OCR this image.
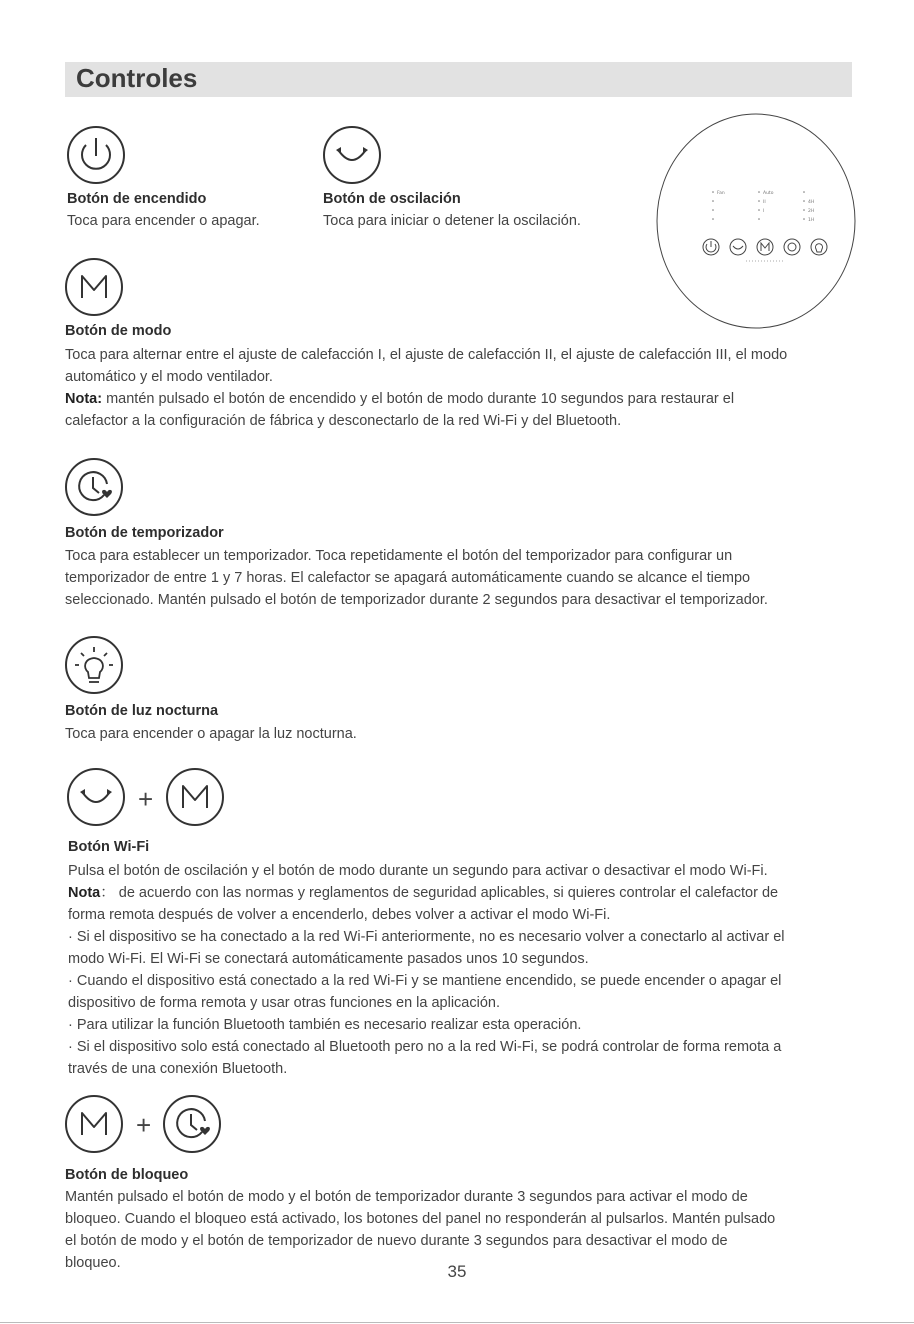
Controles
Botón de encendido
Toca para encender o apagar.
Botón de oscilación
Toca para iniciar o detener la oscilación.
Fan	Auto
II
I
4H
2H
1H
Botón de modo

Toca para alternar entre el ajuste de calefacción I, el ajuste de calefacción II, el ajuste de calefacción III, el modo

automático y el modo ventilador.

Nota: mantén pulsado el botón de encendido y el botón de modo durante 10 segundos para restaurar el

calefactor a la configuración de fábrica y desconectarlo de la red Wi-Fi y del Bluetooth.

Botón de temporizador

Toca para establecer un temporizador. Toca repetidamente el botón del temporizador para configurar un

temporizador de entre 1 y 7 horas. El calefactor se apagará automáticamente cuando se alcance el tiempo

seleccionado. Mantén pulsado el botón de temporizador durante 2 segundos para desactivar el temporizador.

Botón de luz nocturna
Toca para encender o apagar la luz nocturna.
+
Botón Wi-Fi

Pulsa el botón de oscilación y el botón de modo durante un segundo para activar o desactivar el modo Wi-Fi.

Nota： de acuerdo con las normas y reglamentos de seguridad aplicables, si quieres controlar el calefactor de

forma remota después de volver a encenderlo, debes volver a activar el modo Wi-Fi.

· Si el dispositivo se ha conectado a la red Wi-Fi anteriormente, no es necesario volver a conectarlo al activar el

modo Wi-Fi. El Wi-Fi se conectará automáticamente pasados unos 10 segundos.

· Cuando el dispositivo está conectado a la red Wi-Fi y se mantiene encendido, se puede encender o apagar el

dispositivo de forma remota y usar otras funciones en la aplicación.

· Para utilizar la función Bluetooth también es necesario realizar esta operación.

· Si el dispositivo solo está conectado al Bluetooth pero no a la red Wi-Fi, se podrá controlar de forma remota a

través de una conexión Bluetooth.

+
Botón de bloqueo

Mantén pulsado el botón de modo y el botón de temporizador durante 3 segundos para activar el modo de

bloqueo. Cuando el bloqueo está activado, los botones del panel no responderán al pulsarlos. Mantén pulsado

el botón de modo y el botón de temporizador de nuevo durante 3 segundos para desactivar el modo de

bloqueo.	35
